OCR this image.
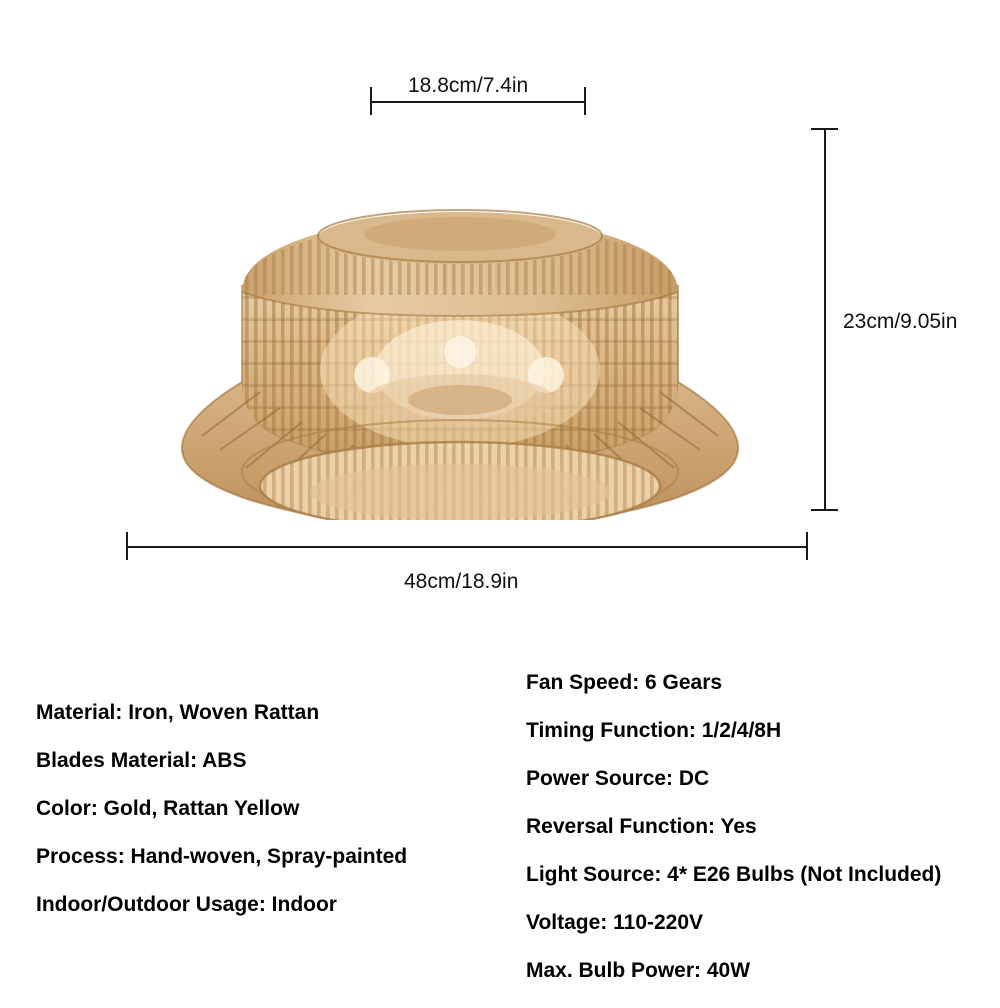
18.8cm/7.4in
23cm/9.05in
48cm/18.9in
Material: Iron, Woven Rattan
Blades Material: ABS
Color: Gold, Rattan Yellow
Process: Hand-woven, Spray-painted
Indoor/Outdoor Usage: Indoor
Fan Speed: 6 Gears
Timing Function: 1/2/4/8H
Power Source: DC
Reversal Function: Yes
Light Source: 4* E26 Bulbs (Not Included)
Voltage: 110-220V
Max. Bulb Power: 40W
